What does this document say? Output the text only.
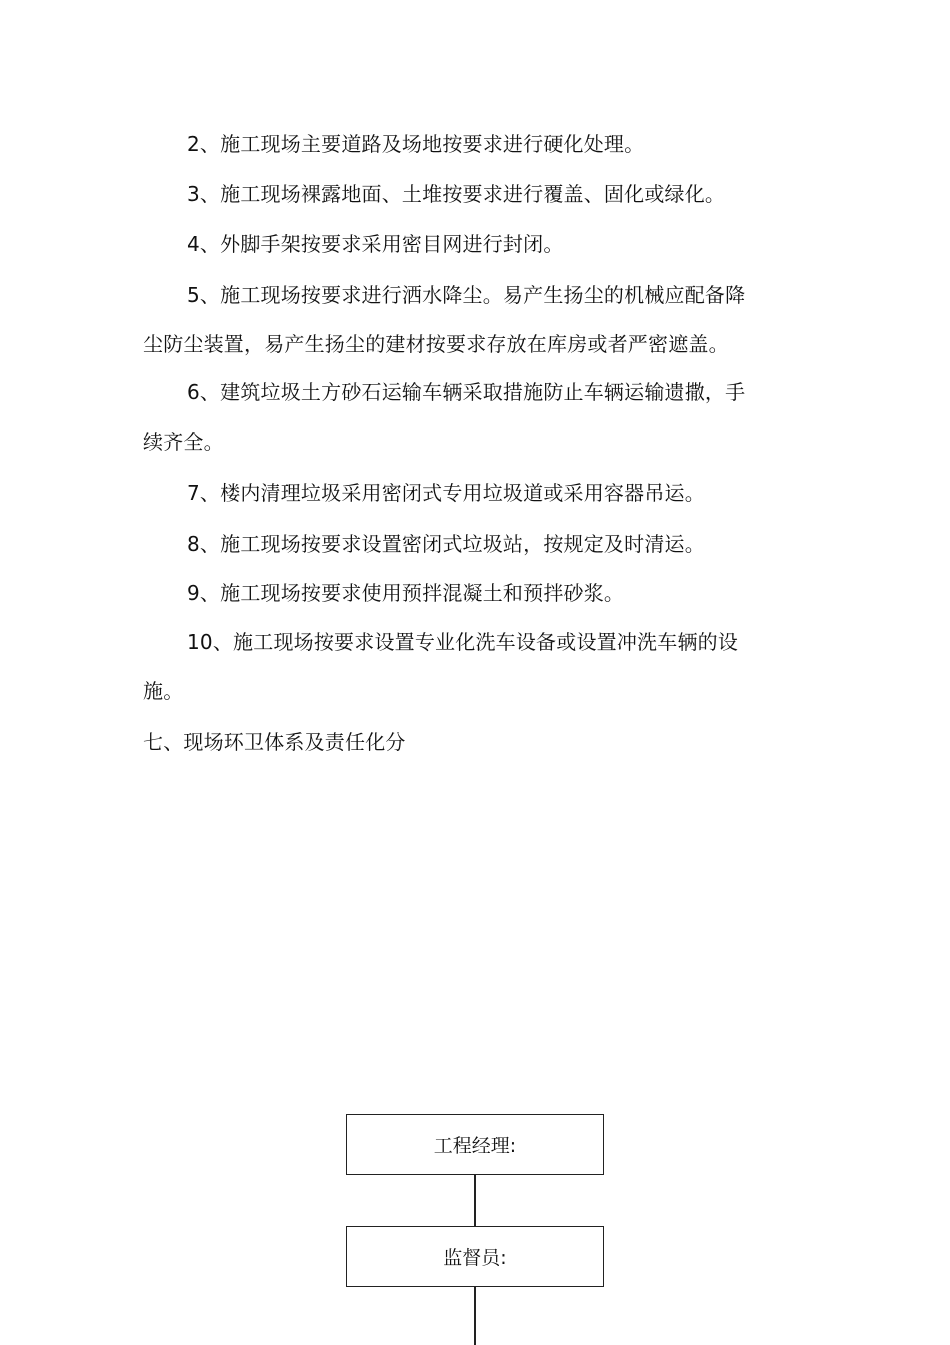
2、施工现场主要道路及场地按要求进行硬化处理。
3、施工现场裸露地面、土堆按要求进行覆盖、固化或绿化。
4、外脚手架按要求采用密目网进行封闭。
5、施工现场按要求进行洒水降尘。易产生扬尘的机械应配备降
尘防尘装置，易产生扬尘的建材按要求存放在库房或者严密遮盖。
6、建筑垃圾土方砂石运输车辆采取措施防止车辆运输遗撒，手
续齐全。
7、楼内清理垃圾采用密闭式专用垃圾道或采用容器吊运。
8、施工现场按要求设置密闭式垃圾站，按规定及时清运。
9、施工现场按要求使用预拌混凝土和预拌砂浆。
10、施工现场按要求设置专业化洗车设备或设置冲洗车辆的设
施。
七、现场环卫体系及责任化分
工程经理:
监督员:
